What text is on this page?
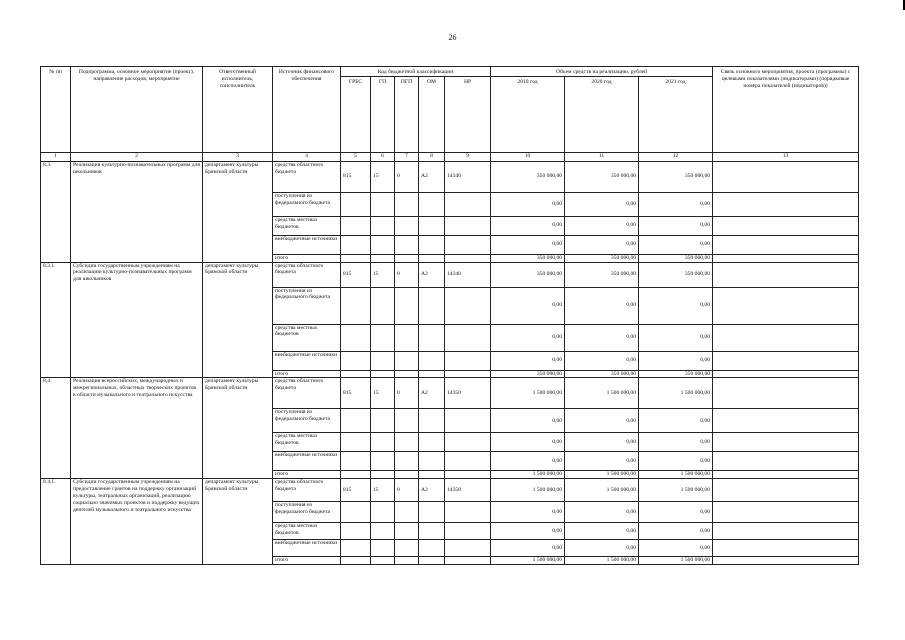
26
№ пп	Подпрограмма, основное мероприятие (проект), направление расходов, мероприятие	Ответственный исполнитель, соисполнитель	Источник финансового обеспечения	Код бюджетной классификации					Объем средств на реализацию, рублей			Связь основного мероприятия, проекта (программы) с целевыми показателями (индикаторами) (порядковые номера показателей (индикаторов))
				ГРБС	ГП	ПГП	ОМ	НР	2019 год	2020 год	2021 год	
1	2	3	4	5	6	7	8	9	10	11	12	13
8.3.	Реализация культурно-познавательных программ для школьников	департамент культуры Брянской области	средства областного бюджета	815	15	0	А2	14340	350 000,00	350 000,00	350 000,00	
			поступления из федерального бюджета						0,00	0,00	0,00	
			средства местных бюджетов						0,00	0,00	0,00	
			внебюджетные источники						0,00	0,00	0,00	
			итого						350 000,00	350 000,00	350 000,00	
8.3.1.	Субсидии государственным учреждениям на реализацию культурно-познавательных программ для школьников	департамент культуры Брянской области	средства областного бюджета	815	15	0	А2	14340	350 000,00	350 000,00	350 000,00	
			поступления из федерального бюджета						0,00	0,00	0,00	
			средства местных бюджетов						0,00	0,00	0,00	
			внебюджетные источники						0,00	0,00	0,00	
			итого						350 000,00	350 000,00	350 000,00	
8.4.	Реализация всероссийских, международных и межрегиональных, областных творческих проектов в области музыкального и театрального искусства	департамент культуры Брянской области	средства областного бюджета	815	15	0	А2	14350	1 500 000,00	1 500 000,00	1 500 000,00	
			поступления из федерального бюджета						0,00	0,00	0,00	
			средства местных бюджетов						0,00	0,00	0,00	
			внебюджетные источники						0,00	0,00	0,00	
			итого						1 500 000,00	1 500 000,00	1 500 000,00	
8.4.1.	Субсидии государственным учреждениям на предоставление грантов на поддержку организаций культуры, театральных организаций, реализацию социально значимых проектов и поддержку ведущих деятелей музыкального и театрального искусства	департамент культуры Брянской области	средства областного бюджета	815	15	0	А2	14350	1 500 000,00	1 500 000,00	1 500 000,00	
			поступления из федерального бюджета						0,00	0,00	0,00	
			средства местных бюджетов						0,00	0,00	0,00	
			внебюджетные источники						0,00	0,00	0,00	
			итого						1 500 000,00	1 500 000,00	1 500 000,00	
